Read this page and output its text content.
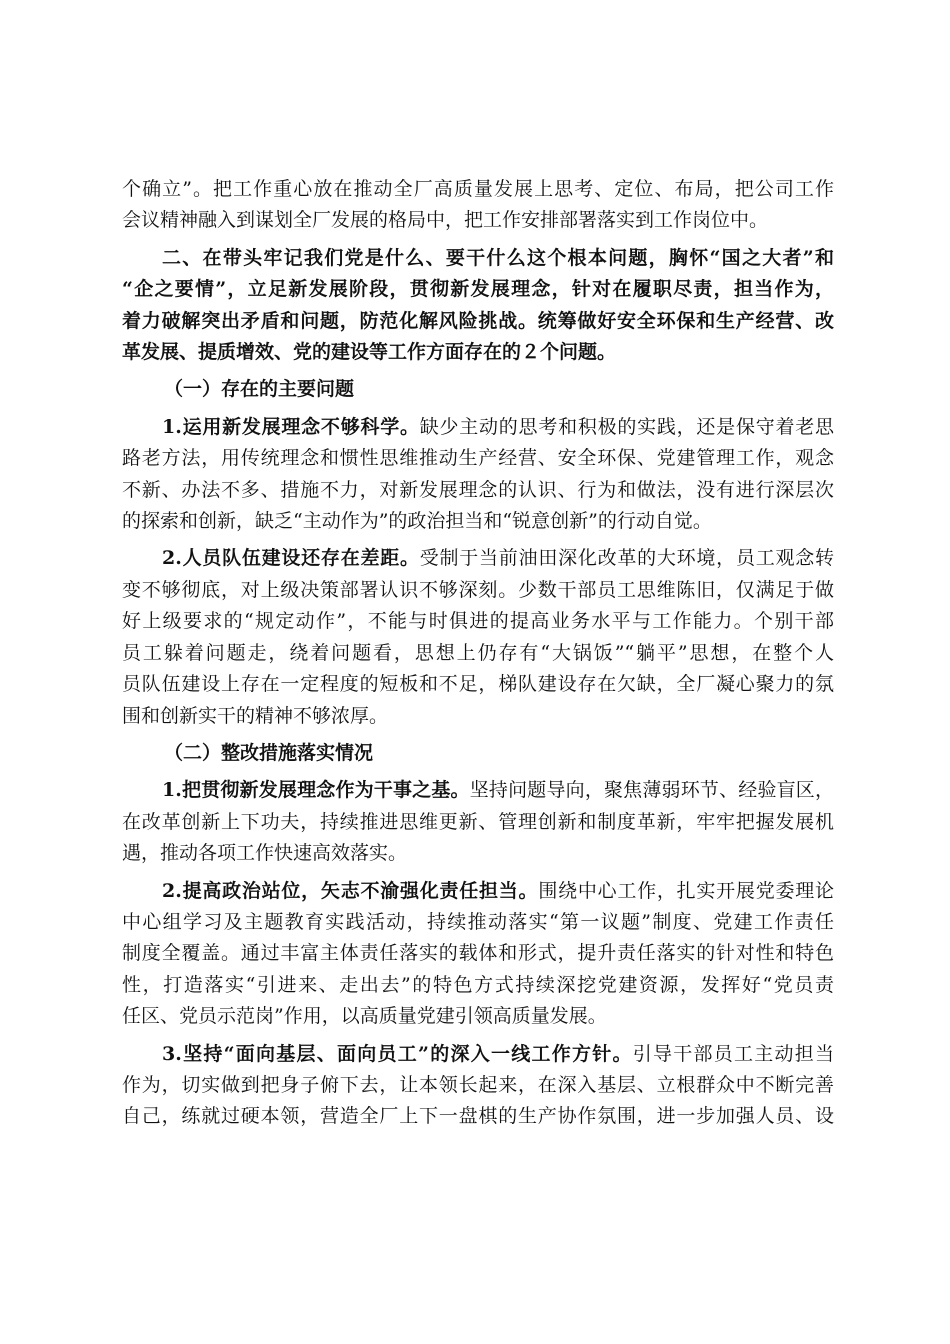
个确立”。把工作重心放在推动全厂高质量发展上思考、定位、布局，把公司工作
会议精神融入到谋划全厂发展的格局中，把工作安排部署落实到工作岗位中。
二、在带头牢记我们党是什么、要干什么这个根本问题，胸怀“国之大者”和
“企之要情”，立足新发展阶段，贯彻新发展理念，针对在履职尽责，担当作为，
着力破解突出矛盾和问题，防范化解风险挑战。统筹做好安全环保和生产经营、改
革发展、提质增效、党的建设等工作方面存在的２个问题。
（一）存在的主要问题
1.运用新发展理念不够科学。缺少主动的思考和积极的实践，还是保守着老思
路老方法，用传统理念和惯性思维推动生产经营、安全环保、党建管理工作，观念
不新、办法不多、措施不力，对新发展理念的认识、行为和做法，没有进行深层次
的探索和创新，缺乏“主动作为”的政治担当和“锐意创新”的行动自觉。
2.人员队伍建设还存在差距。受制于当前油田深化改革的大环境，员工观念转
变不够彻底，对上级决策部署认识不够深刻。少数干部员工思维陈旧，仅满足于做
好上级要求的“规定动作”，不能与时俱进的提高业务水平与工作能力。个别干部
员工躲着问题走，绕着问题看，思想上仍存有“大锅饭”“躺平”思想，在整个人
员队伍建设上存在一定程度的短板和不足，梯队建设存在欠缺，全厂凝心聚力的氛
围和创新实干的精神不够浓厚。
（二）整改措施落实情况
1.把贯彻新发展理念作为干事之基。坚持问题导向，聚焦薄弱环节、经验盲区，
在改革创新上下功夫，持续推进思维更新、管理创新和制度革新，牢牢把握发展机
遇，推动各项工作快速高效落实。
2.提高政治站位，矢志不渝强化责任担当。围绕中心工作，扎实开展党委理论
中心组学习及主题教育实践活动，持续推动落实“第一议题”制度、党建工作责任
制度全覆盖。通过丰富主体责任落实的载体和形式，提升责任落实的针对性和特色
性，打造落实“引进来、走出去”的特色方式持续深挖党建资源，发挥好“党员责
任区、党员示范岗”作用，以高质量党建引领高质量发展。
3.坚持“面向基层、面向员工”的深入一线工作方针。引导干部员工主动担当
作为，切实做到把身子俯下去，让本领长起来，在深入基层、立根群众中不断完善
自己，练就过硬本领，营造全厂上下一盘棋的生产协作氛围，进一步加强人员、设
